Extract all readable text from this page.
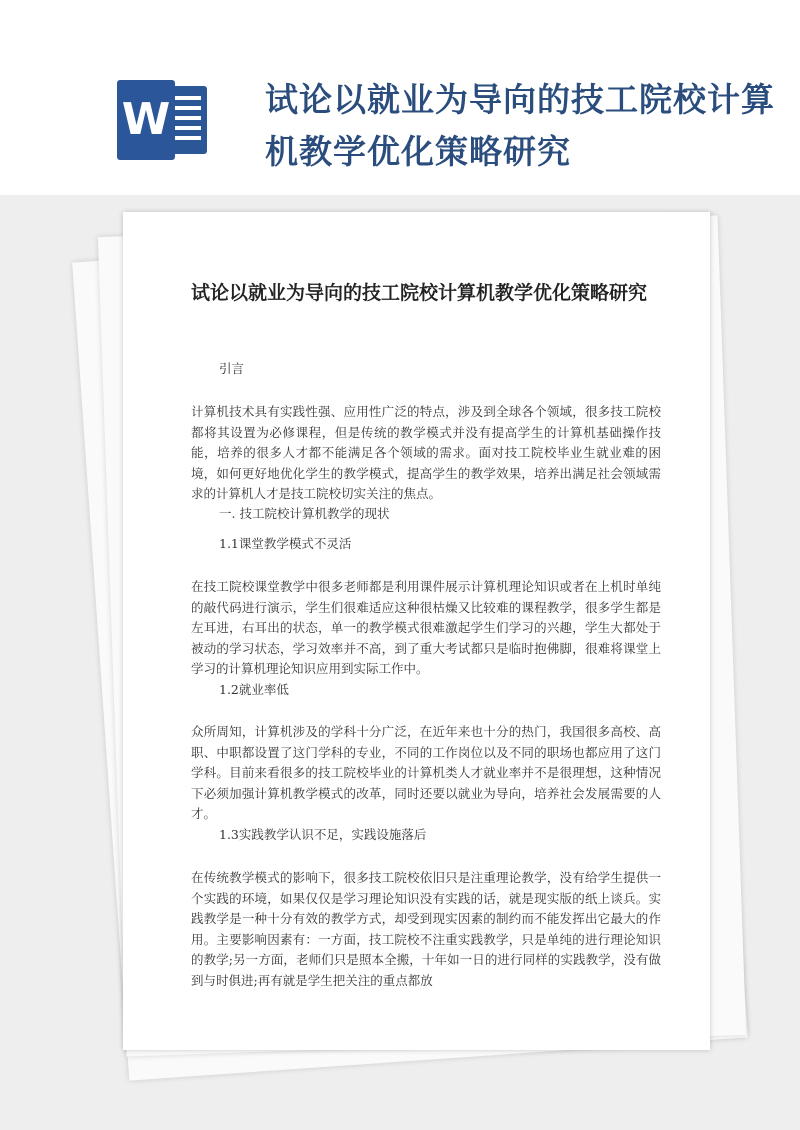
W	试论以就业为导向的技工院校计算机教学优化策略研究
试论以就业为导向的技工院校计算机教学优化策略研究
引言
计算机技术具有实践性强、应用性广泛的特点，涉及到全球各个领域，很多技工院校都将其设置为必修课程，但是传统的教学模式并没有提高学生的计算机基础操作技能，培养的很多人才都不能满足各个领域的需求。面对技工院校毕业生就业难的困境，如何更好地优化学生的教学模式，提高学生的教学效果，培养出满足社会领域需求的计算机人才是技工院校切实关注的焦点。
一. 技工院校计算机教学的现状
1.1课堂教学模式不灵活
在技工院校课堂教学中很多老师都是利用课件展示计算机理论知识或者在上机时单纯的敲代码进行演示，学生们很难适应这种很枯燥又比较难的课程教学，很多学生都是左耳进，右耳出的状态，单一的教学模式很难激起学生们学习的兴趣，学生大都处于被动的学习状态，学习效率并不高，到了重大考试都只是临时抱佛脚，很难将课堂上学习的计算机理论知识应用到实际工作中。
1.2就业率低
众所周知，计算机涉及的学科十分广泛，在近年来也十分的热门，我国很多高校、高职、中职都设置了这门学科的专业，不同的工作岗位以及不同的职场也都应用了这门学科。目前来看很多的技工院校毕业的计算机类人才就业率并不是很理想，这种情况下必须加强计算机教学模式的改革，同时还要以就业为导向，培养社会发展需要的人才。
1.3实践教学认识不足，实践设施落后
在传统教学模式的影响下，很多技工院校依旧只是注重理论教学，没有给学生提供一个实践的环境，如果仅仅是学习理论知识没有实践的话，就是现实版的纸上谈兵。实践教学是一种十分有效的教学方式，却受到现实因素的制约而不能发挥出它最大的作用。主要影响因素有：一方面，技工院校不注重实践教学，只是单纯的进行理论知识的教学;另一方面，老师们只是照本全搬，十年如一日的进行同样的实践教学，没有做到与时俱进;再有就是学生把关注的重点都放
